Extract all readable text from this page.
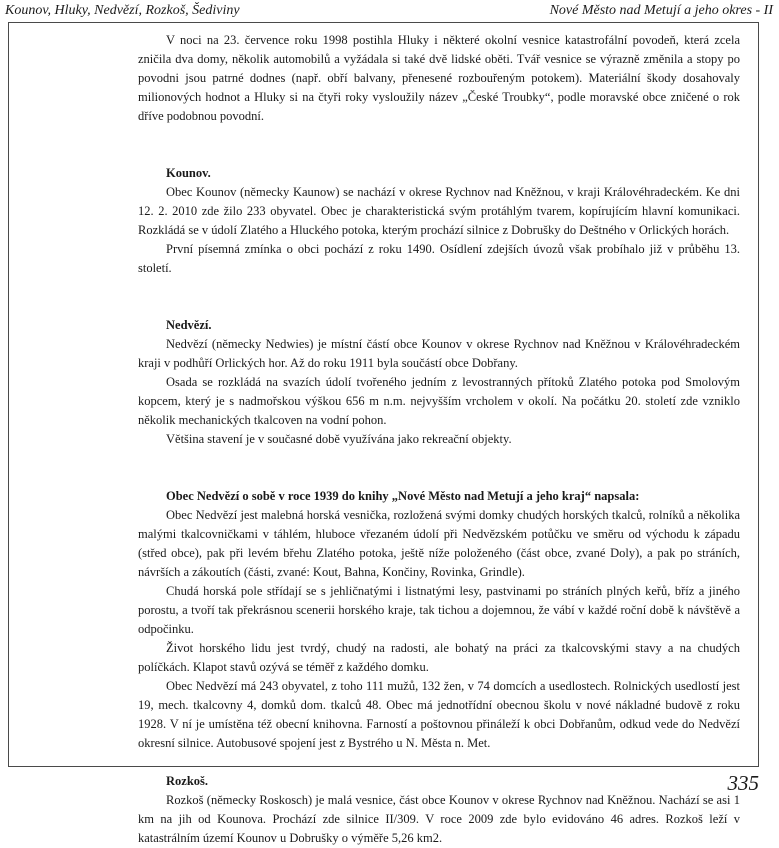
Kounov, Hluky, Nedvězí, Rozkoš, Šediviny	Nové Město nad Metují a jeho okres - II

V noci na 23. července roku 1998 postihla Hluky i některé okolní vesnice katastrofální povodeň, která zcela zničila dva domy, několik automobilů a vyžádala si také dvě lidské oběti. Tvář vesnice se výrazně změnila a stopy po povodni jsou patrné dodnes (např. obří balvany, přenesené rozbouřeným potokem). Materiální škody dosahovaly milionových hodnot a Hluky si na čtyři roky vysloužily název „České Troubky“, podle moravské obce zničené o rok dříve podobnou povodní.

Kounov.

Obec Kounov (německy Kaunow) se nachází v okrese Rychnov nad Kněžnou, v kraji Královéhradeckém. Ke dni 12. 2. 2010 zde žilo 233 obyvatel. Obec je charakteristická svým protáhlým tvarem, kopírujícím hlavní komunikaci. Rozkládá se v údolí Zlatého a Hluckého potoka, kterým prochází silnice z Dobrušky do Deštného v Orlických horách.

První písemná zmínka o obci pochází z roku 1490. Osídlení zdejších úvozů však probíhalo již v průběhu 13. století.

Nedvězí.

Nedvězí (německy Nedwies) je místní částí obce Kounov v okrese Rychnov nad Kněžnou v Královéhradeckém kraji v podhůří Orlických hor. Až do roku 1911 byla součástí obce Dobřany.

Osada se rozkládá na svazích údolí tvořeného jedním z levostranných přítoků Zlatého potoka pod Smolovým kopcem, který je s nadmořskou výškou 656 m n.m. nejvyšším vrcholem v okolí. Na počátku 20. století zde vzniklo několik mechanických tkalcoven na vodní pohon.

Většina stavení je v současné době využívána jako rekreační objekty.

Obec Nedvězí o sobě v roce 1939 do knihy „Nové Město nad Metují a jeho kraj“ napsala:

Obec Nedvězí jest malebná horská vesnička, rozložená svými domky chudých horských tkalců, rolníků a několika malými tkalcovničkami v táhlém, hluboce vřezaném údolí při Nedvězském potůčku ve směru od východu k západu (střed obce), pak při levém břehu Zlatého potoka, ještě níže položeného (část obce, zvané Doly), a pak po stráních, návrších a zákoutích (části, zvané: Kout, Bahna, Končiny, Rovinka, Grindle).

Chudá horská pole střídají se s jehličnatými i listnatými lesy, pastvinami po stráních plných keřů, bříz a jiného porostu, a tvoří tak překrásnou scenerii horského kraje, tak tichou a dojemnou, že vábí v každé roční době k návštěvě a odpočinku.

Život horského lidu jest tvrdý, chudý na radosti, ale bohatý na práci za tkalcovskými stavy a na chudých políčkách. Klapot stavů ozývá se téměř z každého domku.

Obec Nedvězí má 243 obyvatel, z toho 111 mužů, 132 žen, v 74 domcích a usedlostech. Rolnických usedlostí jest 19, mech. tkalcovny 4, domků dom. tkalců 48. Obec má jednotřídní obecnou školu v nové nákladné budově z roku 1928. V ní je umístěna též obecní knihovna. Farností a poštovnou přináleží k obci Dobřanům, odkud vede do Nedvězí okresní silnice. Autobusové spojení jest z Bystrého u N. Města n. Met.

Rozkoš.

Rozkoš (německy Roskosch) je malá vesnice, část obce Kounov v okrese Rychnov nad Kněžnou. Nachází se asi 1 km na jih od Kounova. Prochází zde silnice II/309. V roce 2009 zde bylo evidováno 46 adres. Rozkoš leží v katastrálním území Kounov u Dobrušky o výměře 5,26 km2.

335
